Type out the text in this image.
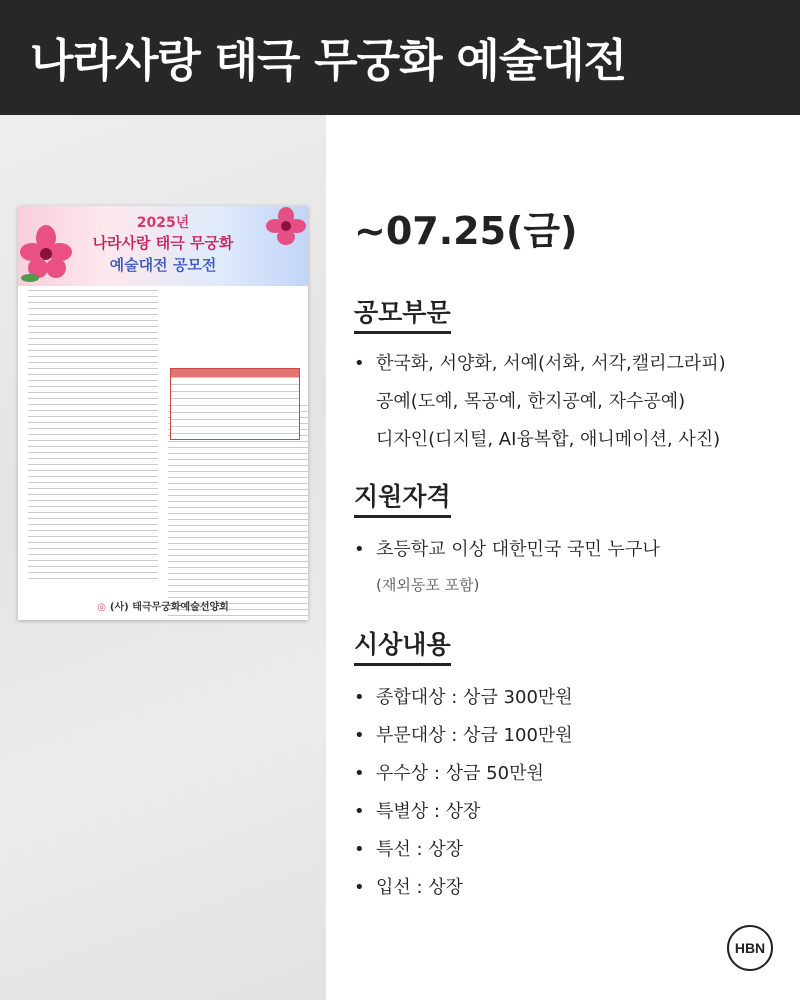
나라사랑 태극 무궁화 예술대전
2025년
나라사랑 태극 무궁화
예술대전 공모전
◎ (사) 태극무궁화예술선양회
~07.25(금)
공모부문
• 한국화, 서양화, 서예(서화, 서각,캘리그라피)
공예(도예, 목공예, 한지공예, 자수공예)
디자인(디지털, AI융복합, 애니메이션, 사진)
지원자격
• 초등학교 이상 대한민국 국민 누구나
(재외동포 포함)
시상내용
• 종합대상 : 상금 300만원
• 부문대상 : 상금 100만원
• 우수상 : 상금 50만원
• 특별상 : 상장
• 특선 : 상장
• 입선 : 상장
HBN
